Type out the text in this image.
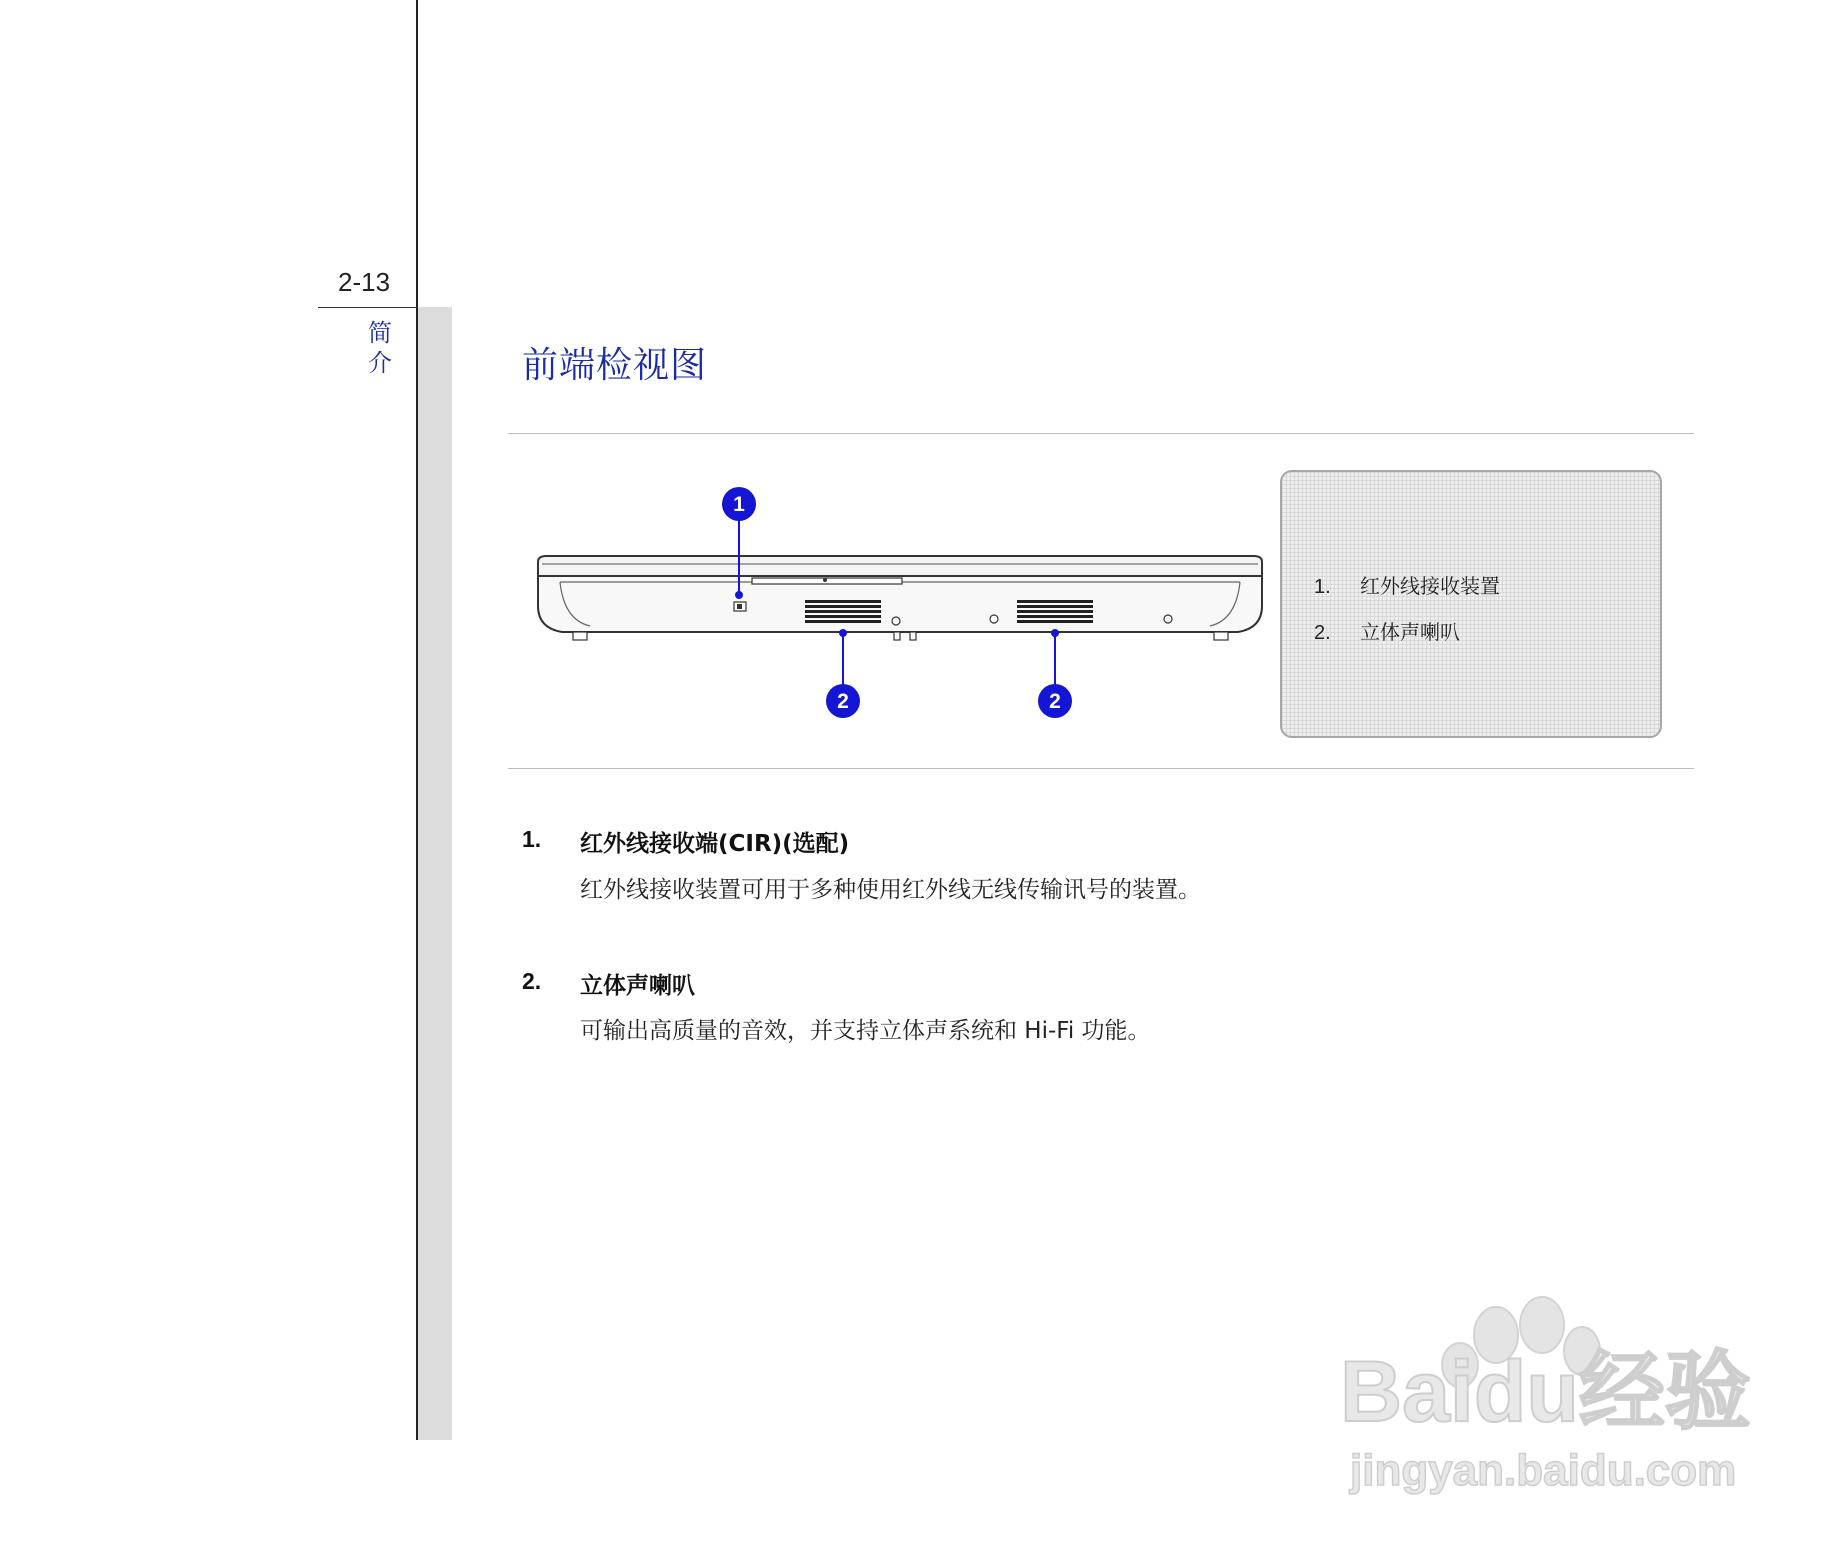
2-13
简介	前端检视图
1
2	2
1. 红外线接收装置
2. 立体声喇叭
1. 红外线接收端(CIR)(选配)
红外线接收装置可用于多种使用红外线无线传输讯号的装置。
2. 立体声喇叭
可输出高质量的音效，并支持立体声系统和 Hi-Fi 功能。
Baidu经验
jingyan.baidu.com
